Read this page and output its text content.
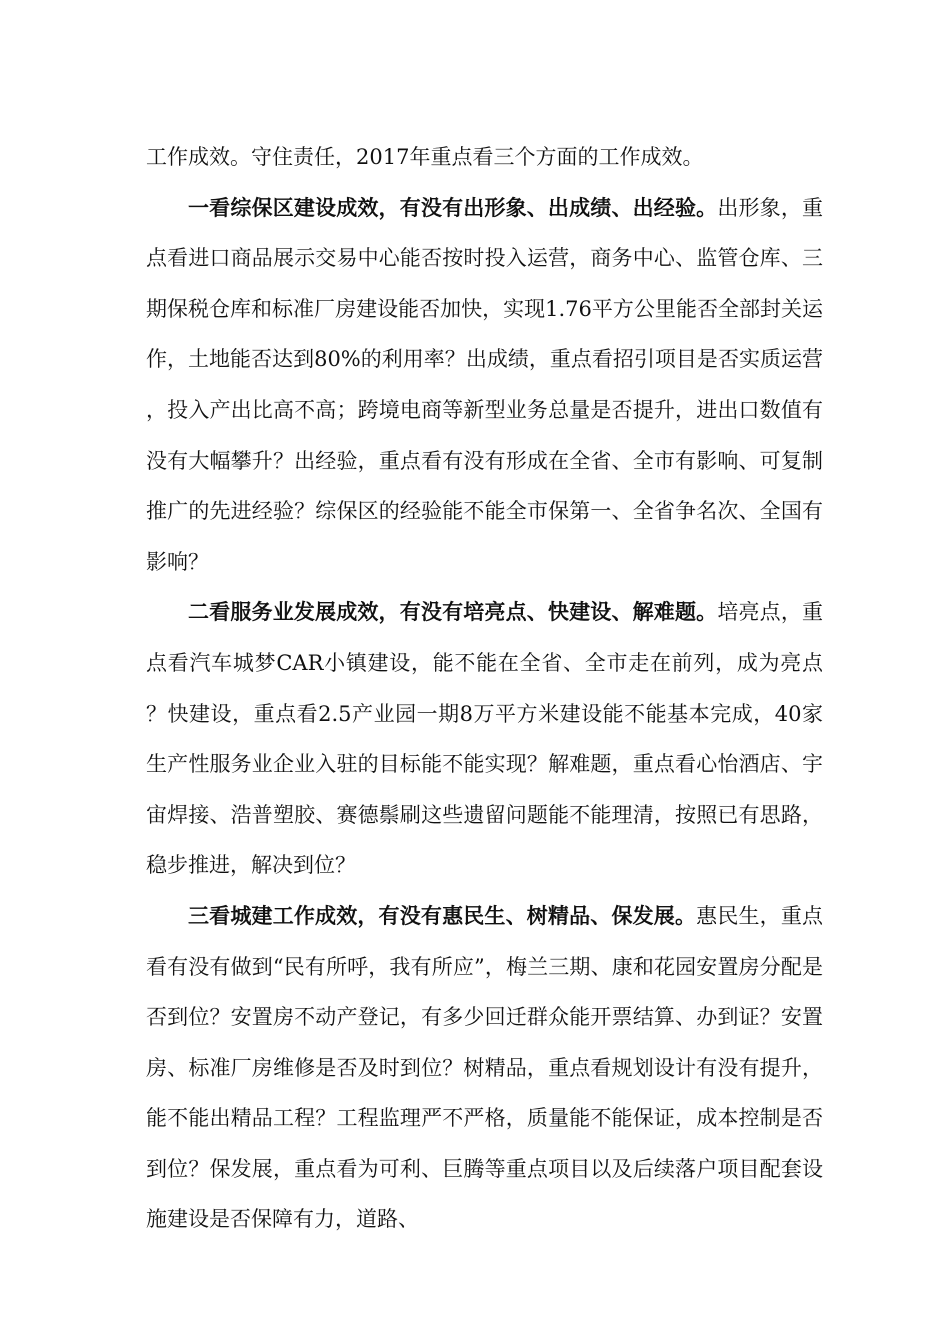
工作成效。守住责任，2017年重点看三个方面的工作成效。

一看综保区建设成效，有没有出形象、出成绩、出经验。出形象，重点看进口商品展示交易中心能否按时投入运营，商务中心、监管仓库、三期保税仓库和标准厂房建设能否加快，实现1.76平方公里能否全部封关运作，土地能否达到80%的利用率？出成绩，重点看招引项目是否实质运营，投入产出比高不高；跨境电商等新型业务总量是否提升，进出口数值有没有大幅攀升？出经验，重点看有没有形成在全省、全市有影响、可复制推广的先进经验？综保区的经验能不能全市保第一、全省争名次、全国有影响？

二看服务业发展成效，有没有培亮点、快建设、解难题。培亮点，重点看汽车城梦CAR小镇建设，能不能在全省、全市走在前列，成为亮点？快建设，重点看2.5产业园一期8万平方米建设能不能基本完成，40家生产性服务业企业入驻的目标能不能实现？解难题，重点看心怡酒店、宇宙焊接、浩普塑胶、赛德鬃刷这些遗留问题能不能理清，按照已有思路，稳步推进，解决到位？

三看城建工作成效，有没有惠民生、树精品、保发展。惠民生，重点看有没有做到“民有所呼，我有所应”，梅兰三期、康和花园安置房分配是否到位？安置房不动产登记，有多少回迁群众能开票结算、办到证？安置房、标准厂房维修是否及时到位？树精品，重点看规划设计有没有提升，能不能出精品工程？工程监理严不严格，质量能不能保证，成本控制是否到位？保发展，重点看为可利、巨腾等重点项目以及后续落户项目配套设施建设是否保障有力，道路、
